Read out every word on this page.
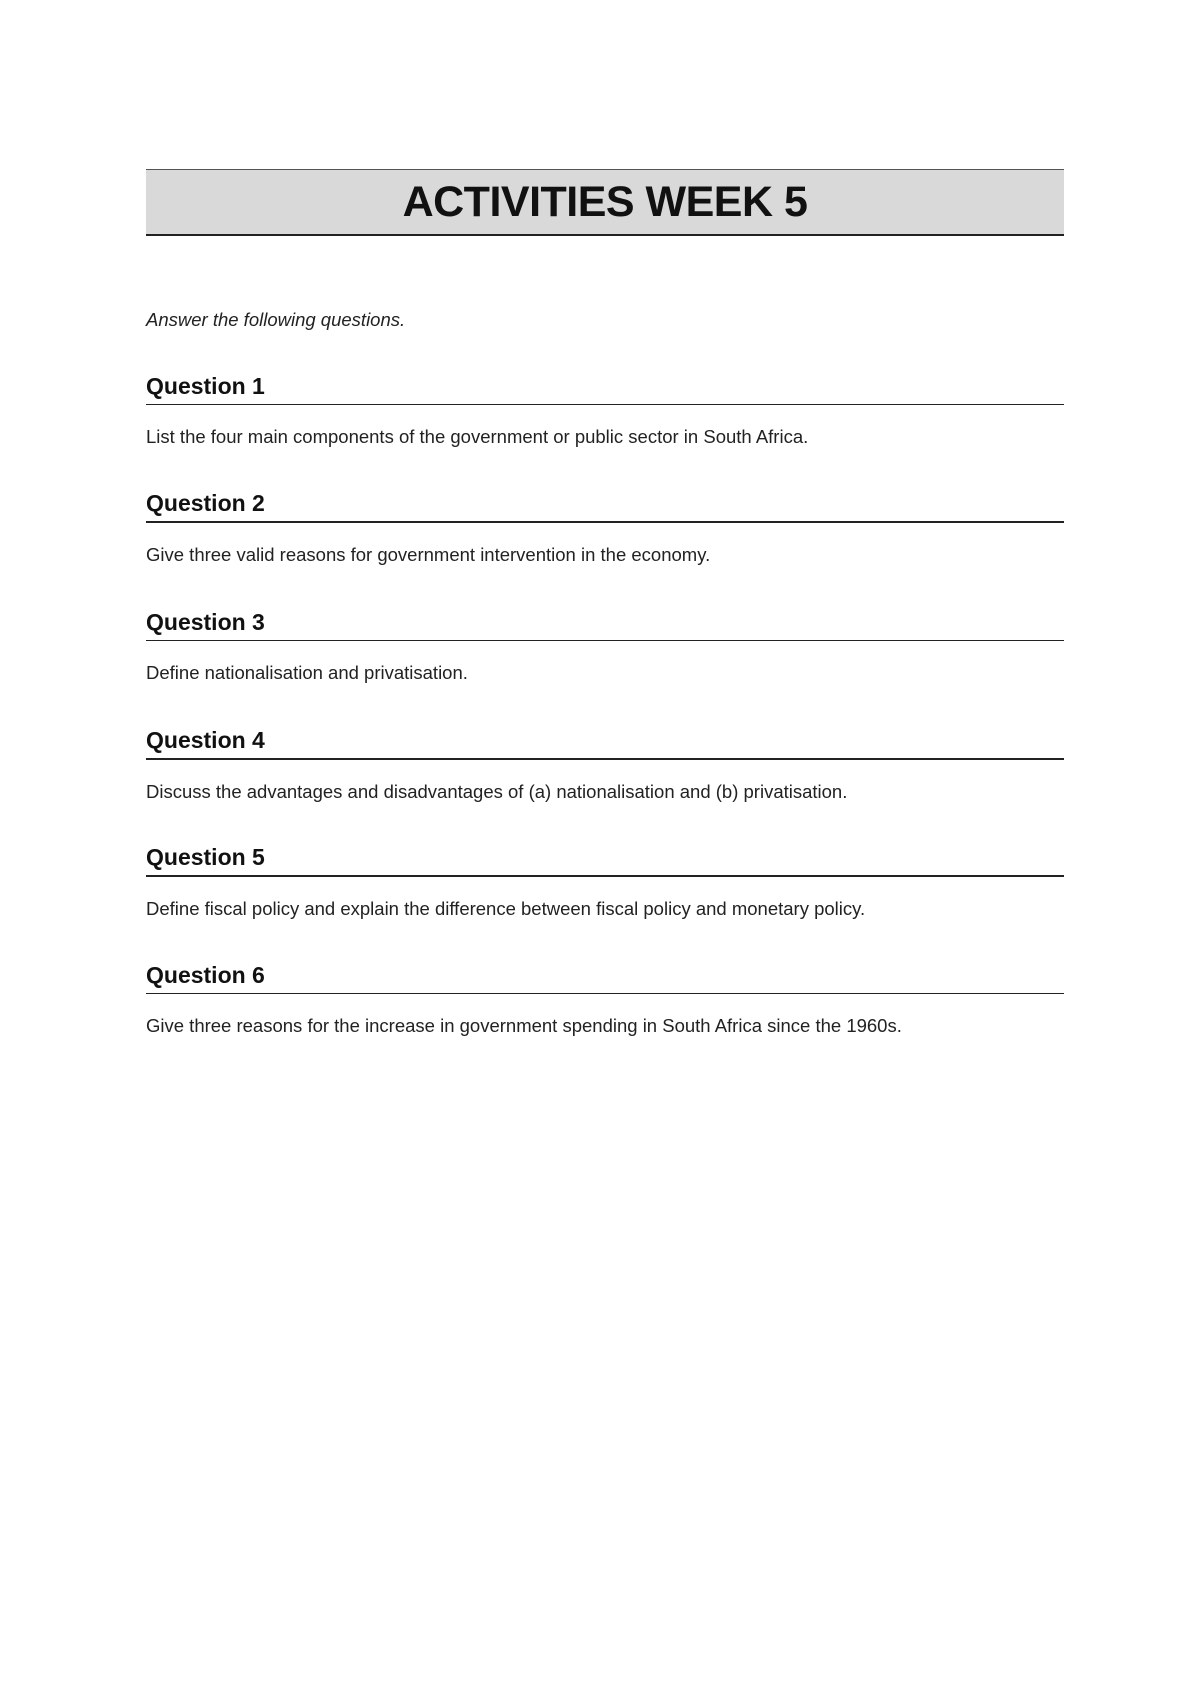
ACTIVITIES WEEK 5
Answer the following questions.
Question 1
List the four main components of the government or public sector in South Africa.
Question 2
Give three valid reasons for government intervention in the economy.
Question 3
Define nationalisation and privatisation.
Question 4
Discuss the advantages and disadvantages of (a) nationalisation and (b) privatisation.
Question 5
Define fiscal policy and explain the difference between fiscal policy and monetary policy.
Question 6
Give three reasons for the increase in government spending in South Africa since the 1960s.
